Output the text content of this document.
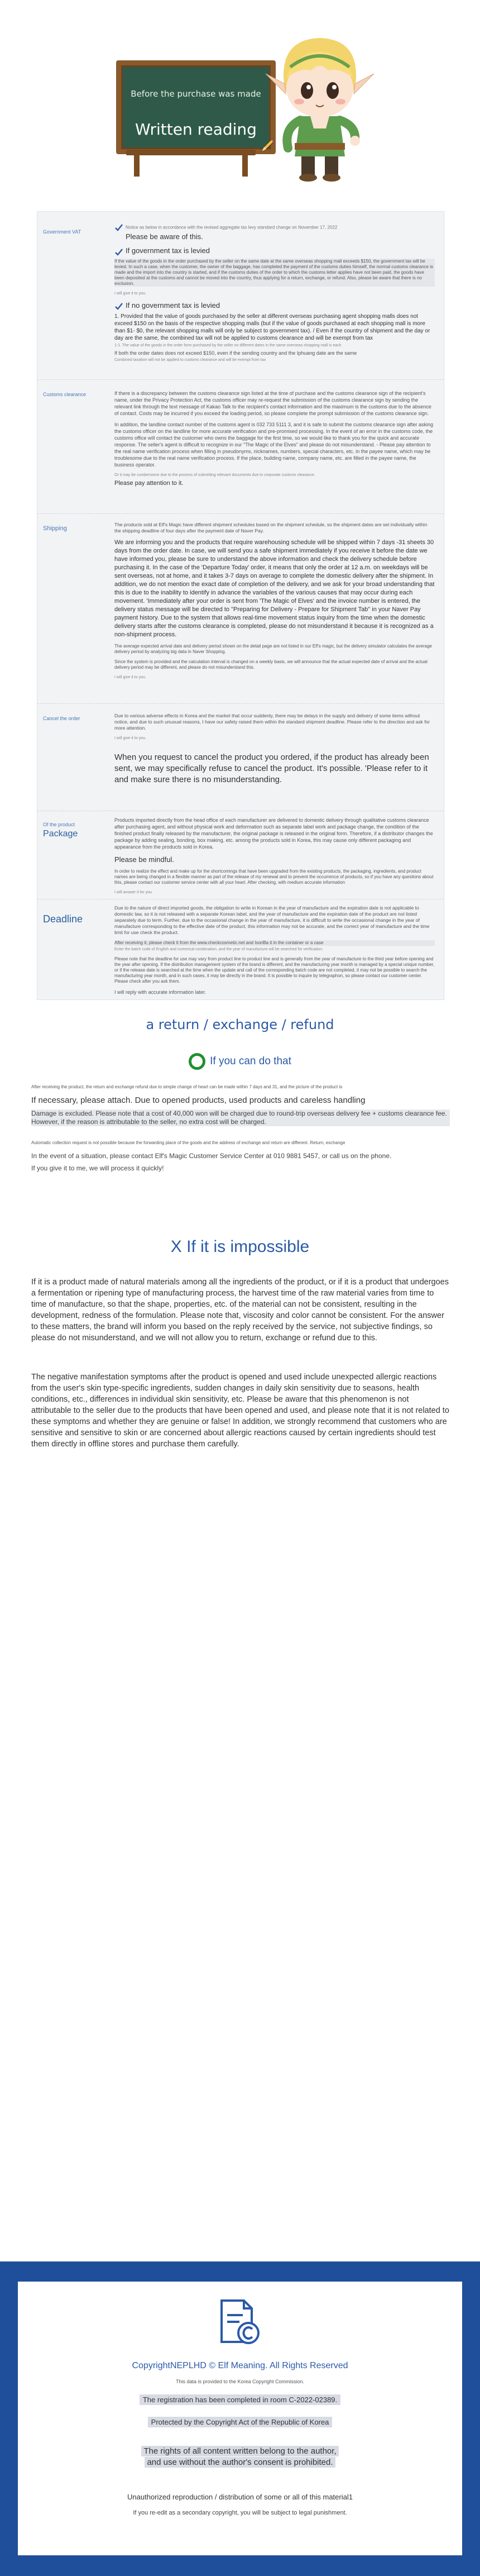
Before the purchase was made
Written reading
Government VAT

Notice as below in accordance with the revised aggregate tax levy standard change on November 17, 2022
Please be aware of this.

If government tax is levied

If the value of the goods in the order purchased by the seller on the same date at the same overseas shopping mall exceeds $150, the government tax will be levied. In such a case, when the customer, the owner of the baggage, has completed the payment of the customs duties himself, the normal customs clearance is made and the import into the country is started, and if the customs duties of the order to which the customs letter applies have not been paid, the goods have been deposited at the customs and cannot be moved into the country, thus applying for a return, exchange, or refund. Also, please be aware that there is no exclusion.

I will give it to you.

If no government tax is levied

1. Provided that the value of goods purchased by the seller at different overseas purchasing agent shopping malls does not exceed $150 on the basis of the respective shopping malls (but if the value of goods purchased at each shopping mall is more than $1- $0, the relevant shopping malls will only be subject to government tax). / Even if the country of shipment and the day or day are the same, the combined tax will not be applied to customs clearance and will be exempt from tax

1-1. The value of the goods in the order form purchased by the seller on different dates in the same overseas shopping mall is each

If both the order dates does not exceed $150, even if the sending country and the Iphuang date are the same

Combined taxation will not be applied to customs clearance and will be exempt from tax

Customs clearance	If there is a discrepancy between the customs clearance sign listed at the time of purchase and the customs clearance sign of the recipient's name, under the Privacy Protection Act, the customs officer may re-request the submission of the customs clearance sign by sending the relevant link through the text message of Kakao Talk to the recipient's contact information and the maximum is the customs due to the absence of contact. Costs may be incurred if you exceed the loading period, so please complete the prompt submission of the customs clearance sign.

In addition, the landline contact number of the customs agent is 032 733 5111 3, and it is safe to submit the customs clearance sign after asking the customs officer on the landline for more accurate verification and pre-promised processing. In the event of an error in the customs code, the customs office will contact the customer who owns the baggage for the first time, so we would like to thank you for the quick and accurate response. The seller's agent is difficult to recognize in our "The Magic of the Elves" and please do not misunderstand. - Please pay attention to the real name verification process when filling in pseudonyms, nicknames, numbers, special characters, etc. in the payee name, which may be troublesome due to the real name verification process. If the place, building name, company name, etc. are filled in the payee name, the business operator.

Or it may be cumbersome due to the process of submitting relevant documents due to corporate customs clearance.

Please pay attention to it.

Shipping

The products sold at Elf's Magic have different shipment schedules based on the shipment schedule, so the shipment dates are set individually within the shipping deadline of four days after the payment date of Naver Pay.

We are informing you and the products that require warehousing schedule will be shipped within 7 days -31 sheets 30 days from the order date. In case, we will send you a safe shipment immediately if you receive it before the date we have informed you, please be sure to understand the above information and check the delivery schedule before purchasing it. In the case of the 'Departure Today' order, it means that only the order at 12 a.m. on weekdays will be sent overseas, not at home, and it takes 3-7 days on average to complete the domestic delivery after the shipment. In addition, we do not mention the exact date of completion of the delivery, and we ask for your broad understanding that this is due to the inability to identify in advance the variables of the various causes that may occur during each movement. 'Immediately after your order is sent from 'The Magic of Elves' and the invoice number is entered, the delivery status message will be directed to "Preparing for Delivery - Prepare for Shipment Tab" in your Naver Pay payment history. Due to the system that allows real-time movement status inquiry from the time when the domestic delivery starts after the customs clearance is completed, please do not misunderstand it because it is recognized as a non-shipment process.

The average expected arrival date and delivery period shown on the detail page are not listed in our Elf's magic, but the delivery simulator calculates the average delivery period by analyzing big data in Naver Shopping.

Since the system is provided and the calculation interval is changed on a weekly basis, we will announce that the actual expected date of arrival and the actual delivery period may be different, and please do not misunderstand this.

I will give it to you.

Cancel the order	Due to various adverse effects in Korea and the market that occur suddenly, there may be delays in the supply and delivery of some items without notice, and due to such unusual reasons, I have our safety raised them within the standard shipment deadline. Please refer to the direction and ask for more attention.

I will give it to you.

When you request to cancel the product you ordered, if the product has already been sent, we may specifically refuse to cancel the product. It's possible. 'Please refer to it and make sure there is no misunderstanding.

Of the product
Package

Products imported directly from the head office of each manufacturer are delivered to domestic delivery through qualitative customs clearance after purchasing agent, and without physical work and deformation such as separate label work and package change, the condition of the finished product finally released by the manufacturer, the original package is released in the original form. Therefore, if a distributor changes the package by adding sealing, bonding, box making, etc. among the products sold in Korea, this may cause only different packaging and appearance from the products sold in Korea.

Please be mindful.

In order to realize the effect and make up for the shortcomings that have been upgraded from the existing products, the packaging, ingredients, and product names are being changed in a flexible manner as part of the release of my renewal and to prevent the occurrence of products, so if you have any questions about this, please contact our customer service center with all your heart. After checking, with medium accurate information

I will answer it for you.

Deadline

Due to the nature of direct imported goods, the obligation to write in Korean in the year of manufacture and the expiration date is not applicable to domestic law, so it is not released with a separate Korean label, and the year of manufacture and the expiration date of the product are not listed separately due to term. Further, due to the occasional change in the year of manufacture, it is difficult to write the occasional change in the year of manufacture corresponding to the effective date of the product, this information may not be accurate, and the correct year of manufacture and the time limit for use check the product.

After receiving it, please check it from the www.checkcosmetic.net and IsoriBa it in the container or a case

Enter the batch code of English and numerical combination, and the year of manufacture will be searched for verification.

Please note that the deadline for use may vary from product line to product line and is generally from the year of manufacture to the third year before opening and the year after opening. If the distribution management system of the brand is different, and the manufacturing year month is managed by a special unique number, or if the release date is searched at the time when the update and call of the corresponding batch code are not completed, it may not be possible to search the manufacturing year month, and in such cases, it may be directly in the brand. It is possible to inquire by telegraphon, so please contact our customer center. Please check after you ask them.

I will reply with accurate information later.

a return / exchange / refund
If you can do that
After receiving the product, the return and exchange refund due to simple change of heart can be made within 7 days and 31, and the picture of the product is
If necessary, please attach. Due to opened products, used products and careless handling
Damage is excluded. Please note that a cost of 40,000 won will be charged due to round-trip overseas delivery fee + customs clearance fee. However, if the reason is attributable to the seller, no extra cost will be charged.
Automatic collection request is not possible because the forwarding place of the goods and the address of exchange and return are different. Return, exchange
In the event of a situation, please contact Elf's Magic Customer Service Center at 010 9881 5457, or call us on the phone.
If you give it to me, we will process it quickly!
X If it is impossible
If it is a product made of natural materials among all the ingredients of the product, or if it is a product that undergoes a fermentation or ripening type of manufacturing process, the harvest time of the raw material varies from time to time of manufacture, so that the shape, properties, etc. of the material can not be consistent, resulting in the development, redness of the formulation. Please note that, viscosity and color cannot be consistent. For the answer to these matters, the brand will inform you based on the reply received by the service, not subjective findings, so please do not misunderstand, and we will not allow you to return, exchange or refund due to this.
The negative manifestation symptoms after the product is opened and used include unexpected allergic reactions from the user's skin type-specific ingredients, sudden changes in daily skin sensitivity due to seasons, health conditions, etc., differences in individual skin sensitivity, etc. Please be aware that this phenomenon is not attributable to the seller due to the products that have been opened and used, and please note that it is not related to these symptoms and whether they are genuine or false! In addition, we strongly recommend that customers who are sensitive and sensitive to skin or are concerned about allergic reactions caused by certain ingredients should test them directly in offline stores and purchase them carefully.
CopyrightNEPLHD © Elf Meaning. All Rights Reserved
This data is provided to the Korea Copyright Commission.
The registration has been completed in room C-2022-02389.
Protected by the Copyright Act of the Republic of Korea
The rights of all content written belong to the author,
and use without the author's consent is prohibited.
Unauthorized reproduction / distribution of some or all of this material1
If you re-edit as a secondary copyright, you will be subject to legal punishment.
